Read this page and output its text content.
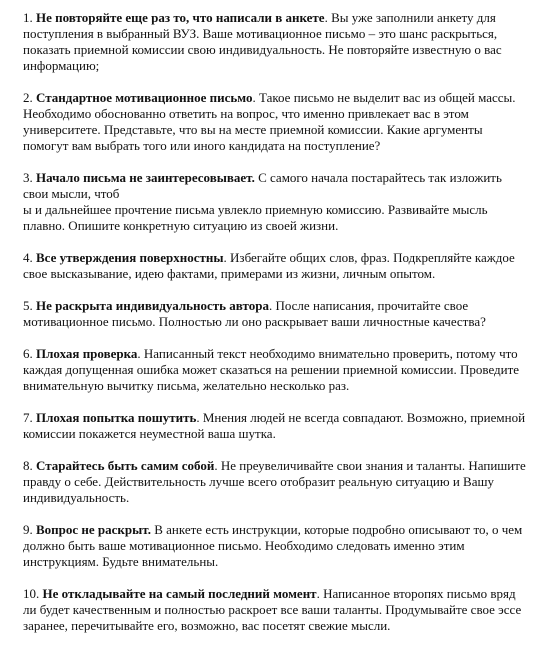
1. Не повторяйте еще раз то, что написали в анкете. Вы уже заполнили анкету для поступления в выбранный ВУЗ. Ваше мотивационное письмо – это шанс раскрыться, показать приемной комиссии свою индивидуальность. Не повторяйте известную о вас информацию;

2. Стандартное мотивационное письмо. Такое письмо не выделит вас из общей массы. Необходимо обоснованно ответить на вопрос, что именно привлекает вас в этом университете. Представьте, что вы на месте приемной комиссии. Какие аргументы помогут вам выбрать того или иного кандидата на поступление?

3. Начало письма не заинтересовывает. С самого начала постарайтесь так изложить свои мысли, чтоб
ы и дальнейшее прочтение письма увлекло приемную комиссию. Развивайте мысль плавно. Опишите конкретную ситуацию из своей жизни.

4. Все утверждения поверхностны. Избегайте общих слов, фраз. Подкрепляйте каждое свое высказывание, идею фактами, примерами из жизни, личным опытом.

5. Не раскрыта индивидуальность автора. После написания, прочитайте свое мотивационное письмо. Полностью ли оно раскрывает ваши личностные качества?

6. Плохая проверка. Написанный текст необходимо внимательно проверить, потому что каждая допущенная ошибка может сказаться на решении приемной комиссии. Проведите внимательную вычитку письма, желательно несколько раз.

7. Плохая попытка пошутить. Мнения людей не всегда совпадают. Возможно, приемной комиссии покажется неуместной ваша шутка.

8. Старайтесь быть самим собой. Не преувеличивайте свои знания и таланты. Напишите правду о себе. Действительность лучше всего отобразит реальную ситуацию и Вашу индивидуальность.

9. Вопрос не раскрыт. В анкете есть инструкции, которые подробно описывают то, о чем должно быть ваше мотивационное письмо. Необходимо следовать именно этим инструкциям. Будьте внимательны.

10. Не откладывайте на самый последний момент. Написанное второпях письмо вряд ли будет качественным и полностью раскроет все ваши таланты. Продумывайте свое эссе заранее, перечитывайте его, возможно, вас посетят свежие мысли.
